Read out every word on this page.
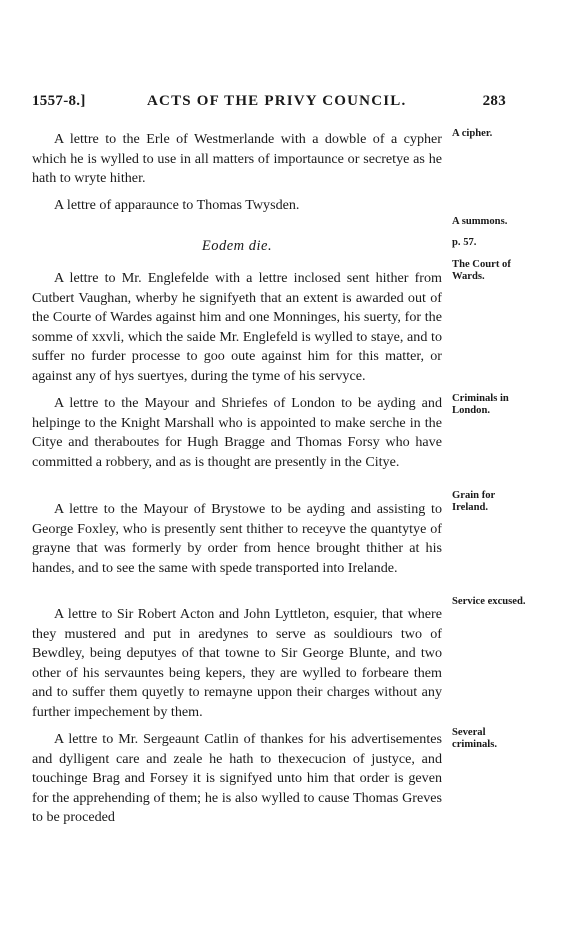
1557-8.]	ACTS OF THE PRIVY COUNCIL.	283

A lettre to the Erle of Westmerlande with a dowble of a cypher which he is wylled to use in all matters of importaunce or secretye as he hath to wryte hither.

A lettre of apparaunce to Thomas Twysden.

Eodem die.

A lettre to Mr. Englefelde with a lettre inclosed sent hither from Cutbert Vaughan, wherby he signifyeth that an extent is awarded out of the Courte of Wardes against him and one Monninges, his suerty, for the somme of xxvli, which the saide Mr. Englefeld is wylled to staye, and to suffer no furder processe to goo oute against him for this matter, or against any of hys suertyes, during the tyme of his servyce.

A lettre to the Mayour and Shriefes of London to be ayding and helpinge to the Knight Marshall who is appointed to make serche in the Citye and theraboutes for Hugh Bragge and Thomas Forsy who have committed a robbery, and as is thought are presently in the Citye.

A lettre to the Mayour of Brystowe to be ayding and assisting to George Foxley, who is presently sent thither to receyve the quantytye of grayne that was formerly by order from hence brought thither at his handes, and to see the same with spede transported into Irelande.

A lettre to Sir Robert Acton and John Lyttleton, esquier, that where they mustered and put in aredynes to serve as souldiours two of Bewdley, being deputyes of that towne to Sir George Blunte, and two other of his servauntes being kepers, they are wylled to forbeare them and to suffer them quyetly to remayne uppon their charges without any further impechement by them.

A lettre to Mr. Sergeaunt Catlin of thankes for his advertisementes and dylligent care and zeale he hath to thexecucion of justyce, and touchinge Brag and Forsey it is signifyed unto him that order is geven for the apprehending of them; he is also wylled to cause Thomas Greves to be proceded

A cipher.

A summons.

p. 57.

The Court of Wards.

Criminals in London.

Grain for Ireland.

Service excused.

Several criminals.
